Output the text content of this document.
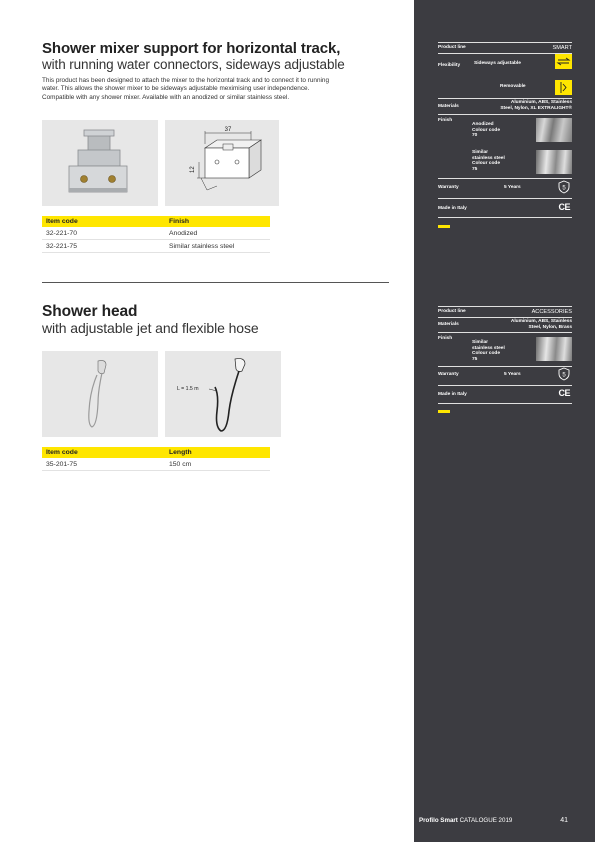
Shower mixer support for horizontal track,
with running water connectors, sideways adjustable
This product has been designed to attach the mixer to the horizontal track and to connect it to running
water. This allows the shower mixer to be sideways adjustable meximising user independence.
Compatible with any shower mixer. Available with an anodized or similar stainless steel.
37
12
Item code	Finish
32-221-70	Anodized
32-221-75	Similar stainless steel
Shower head
with adjustable jet and flexible hose
L = 1.5 m
Item code	Length
35-201-75	150 cm
Product line	SMART
Flexibility	Sideways adjustable
Removable
Materials
Aluminium, ABS, Stainless
Steel, Nylon, XL EXTRALIGHT®
Finish
Anodized
Colour code
70
Similar
stainless steel
Colour code
75
Warranty	5 Years	5
Made in Italy	CE
Product line	ACCESSORIES
Materials
Aluminium, ABS, Stainless
Steel, Nylon, Brass
Finish
Similar
stainless steel
Colour code
75
Warranty	5 Years	5
Made in Italy	CE
Profilo Smart CATALOGUE 2019	41
